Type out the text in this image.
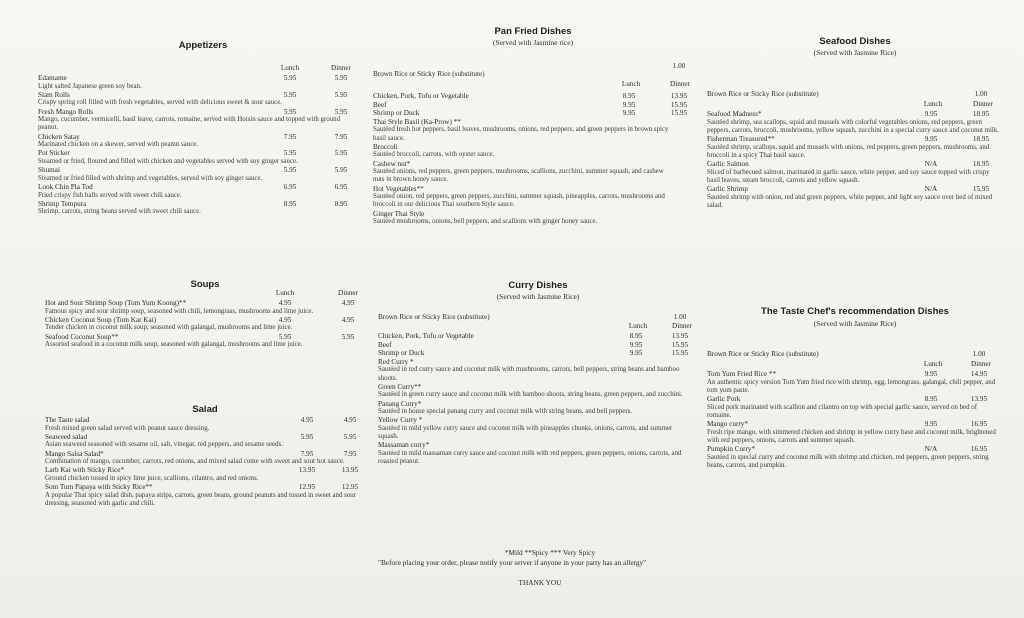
Appetizers
Lunch	Dinner
Edamame	5.95	5.95
Light salted Japanese green soy bean.
Siam Rolls	5.95	5.95
Crispy spring roll filled with fresh vegetables, served with delicious sweet & sour sauce.
Fresh Mango Rolls	5.95	5.95
Mango, cucumber, vermicelli, basil leave, carrots, romaine, served with Hoisin sauce and topped with ground peanut.
Chicken Satay	7.95	7.95
Marinated chicken on a skewer, served with peanut sauce.
Pot Sticker	5.95	5.95
Steamed or fried, floured and filled with chicken and vegetables served with soy ginger sauce.
Shumai	5.95	5.95
Steamed or fried filled with shrimp and vegetables, served with soy ginger sauce.
Look Chin Pla Tod	6.95	6.95
Fried crispy fish balls served with sweet chili sauce.
Shrimp Tempura	8.95	8.95
Shrimp, carrots, string beans served with sweet chili sauce.
Soups
Lunch	Dinner
Hot and Sour Shrimp Soup (Tom Yum Koong)**	4.95	4.95
Famous spicy and sour shrimp soup, seasoned with chili, lemongrass, mushrooms and lime juice.
Chicken Coconut Soup (Tom Kar Kai)	4.95	4.95
Tender chicken in coconut milk soup, seasoned with galangal, mushrooms and lime juice.
Seafood Coconut Soup**	5.95	5.95
Assorted seafood in a coconut milk soup, seasoned with galangal, mushrooms and lime juice.
Salad
The Taste salad	4.95	4.95
Fresh mixed green salad served with peanut sauce dressing.
Seaweed salad	5.95	5.95
Asian seaweed seasoned with sesame oil, salt, vinegar, red peppers, and sesame seeds.
Mango Salsa Salad*	7.95	7.95
Combination of mango, cucumber, carrots, red onions, and mixed salad come with sweet and sour hot sauce.
Larb Kai with Sticky Rice*	13.95	13.95
Ground chicken tossed in spicy lime juice, scallions, cilantro, and red onions.
Som Tum Papaya with Sticky Rice**	12.95	12.95
A popular Thai spicy salad dish, papaya strips, carrots, green beans, ground peanuts and tossed in sweet and sour dressing, seasoned with garlic and chili.
Pan Fried Dishes
(Served with Jasmine rice)
Brown Rice or Sticky Rice (substitute)
1.00
Lunch	Dinner
Chicken, Pork, Tofu or Vegetable	8.95	13.95
Beef	9.95	15.95
Shrimp or Duck	9.95	15.95
Thai Style Basil (Ka-Prow) **
Sautéed fresh hot peppers, basil leaves, mushrooms, onions, red peppers, and green peppers in brown spicy basil sauce.
Broccoli
Sautéed broccoli, carrots, with oyster sauce.
Cashew nut*
Sautéed onions, red peppers, green peppers, mushrooms, scallions, zucchini, summer squash, and cashew nuts in brown honey sauce.
Hot Vegetables**
Sautéed onion, red peppers, green peppers, zucchini, summer squash, pineapples, carrots, mushrooms and broccoli in our delicious Thai southern Style sauce.
Ginger Thai Style
Sautéed mushrooms, onions, bell peppers, and scallions with ginger honey sauce.
Curry Dishes
(Served with Jasmine Rice)
Brown Rice or Sticky Rice (substitute)	1.00
Lunch	Dinner
Chicken, Pork, Tofu or Vegetable	8.95	13.95
Beef	9.95	15.95
Shrimp or Duck	9.95	15.95
Red Curry *
Sautéed in red curry sauce and coconut milk with mushrooms, carrots, bell peppers, string beans and bamboo shoots.
Green Curry**
Sautéed in green curry sauce and coconut milk with bamboo shoots, string beans, green peppers, and zucchini.
Panang Curry*
Sautéed in house special panang curry and coconut milk with string beans, and bell peppers.
Yellow Curry *
Sautéed in mild yellow curry sauce and coconut milk with pineapples chunks, onions, carrots, and summer squash.
Massaman curry*
Sautéed in mild massaman curry sauce and coconut milk with red peppers, green peppers, onions, carrots, and roasted peanut.
*Mild **Spicy *** Very Spicy
"Before placing your order, please notify your server if anyone in your party has an allergy"
THANK YOU
Seafood Dishes
(Served with Jasmine Rice)
Brown Rice or Sticky Rice (substitute)	1.00
Lunch	Dinner
Seafood Madness*	9.95	18.95
Sautéed shrimp, sea scallops, squid and mussels with colorful vegetables onions, red peppers, green peppers, carrots, broccoli, mushrooms, yellow squash, zucchini in a special curry sauce and coconut milk.
Fisherman Treasured**	9.95	18.95
Sautéed shrimp, scallops, squid and mussels with onions, red peppers, green peppers, mushrooms, and broccoli in a spicy Thai basil sauce.
Garlic Salmon	N/A	18.95
Sliced of barbecued salmon, marinated in garlic sauce, white pepper, and soy sauce topped with crispy basil leaves, steam broccoli, carrots and yellow squash.
Garlic Shrimp	N/A	15.95
Sautéed shrimp with onion, red and green peppers, white pepper, and light soy sauce over bed of mixed salad.
The Taste Chef's recommendation Dishes
(Served with Jasmine Rice)
Brown Rice or Sticky Rice (substitute)	1.00
Lunch	Dinner
Tom Yum Fried Rice **	9.95	14.95
An authentic spicy version Tom Yum fried rice with shrimp, egg, lemongrass, galangal, chili pepper, and tom yum paste.
Garlic Pork	8.95	13.95
Sliced pork marinated with scallion and cilantro on top with special garlic sauce, served on bed of romaine.
Mango curry*	9.95	16.95
Fresh ripe mango, with simmered chicken and shrimp in yellow curry base and coconut milk, brightened with red peppers, onions, carrots and summer squash.
Pumpkin Curry*	N/A	16.95
Sautéed in special curry and coconut milk with shrimp and chicken, red peppers, green peppers, string beans, carrots, and pumpkin.
